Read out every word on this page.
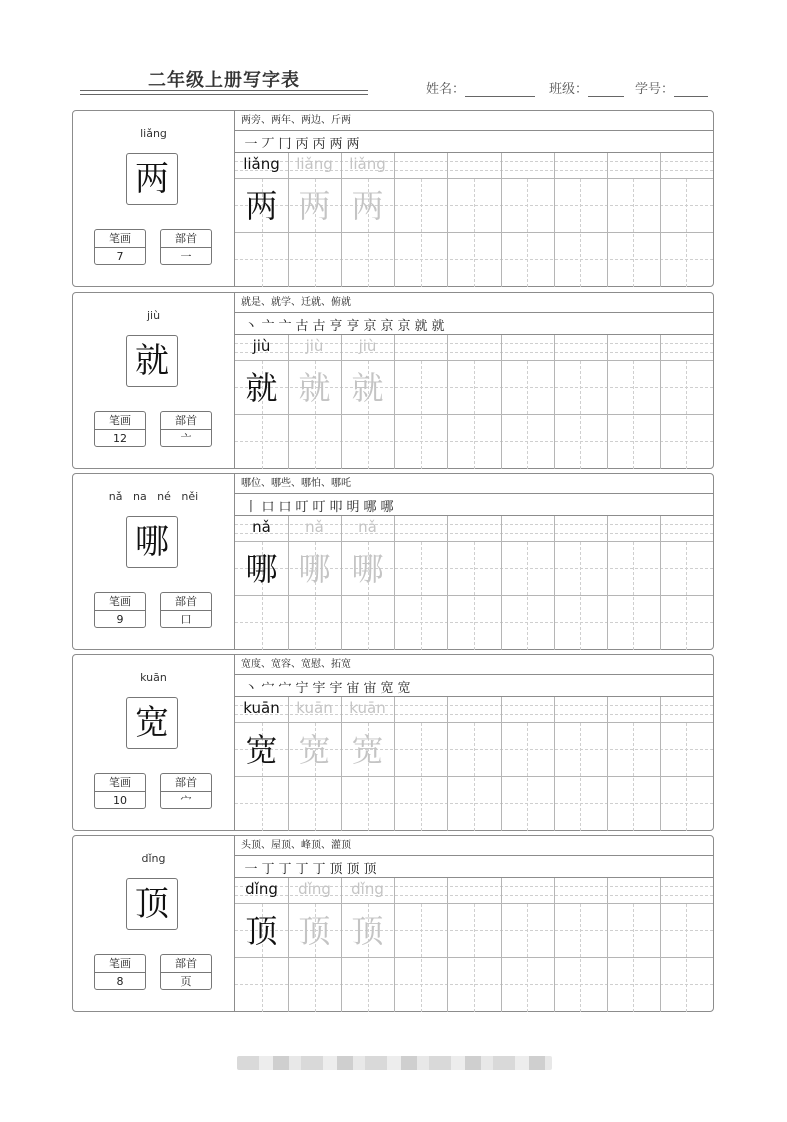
二年级上册写字表	姓名：	班级：	学号：
liǎng
两
笔画
7
部首
一
两旁、两年、两边、斤两
一 丆 冂 丙 丙 两 两
liǎng
两
liǎng
两
liǎng
两
jiù
就
笔画
12
部首
亠
就是、就学、迁就、俯就
丶 亠 亠 古 古 亨 亨 京 京 京 就 就
jiù
就
jiù
就
jiù
就
nǎ   na   né   něi
哪
笔画
9
部首
口
哪位、哪些、哪怕、哪吒
丨 口 口 叮 叮 叩 明 哪 哪
nǎ
哪
nǎ
哪
nǎ
哪
kuān
宽
笔画
10
部首
宀
宽度、宽容、宽慰、拓宽
丶 宀 宀 宁 宇 宇 宙 宙 宽 宽
kuān
宽
kuān
宽
kuān
宽
dǐng
顶
笔画
8
部首
页
头顶、屋顶、峰顶、灌顶
一 丁 丁 丁 丁 顶 顶 顶
dǐng
顶
dǐng
顶
dǐng
顶
